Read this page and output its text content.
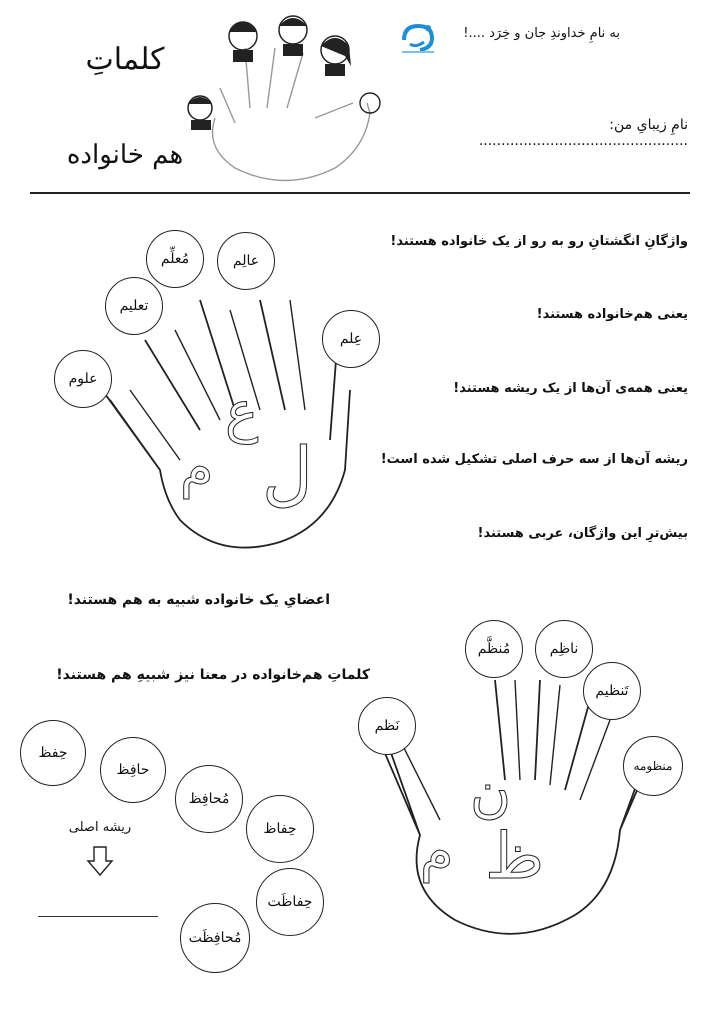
به نامِ خداوندِ جان و خِرَد ....!
کلماتِ
هم خانواده
نامِ زیبایِ من: ...............................................
واژگانِ انگشتانِ رو به رو از یک خانواده هستند!
یعنی هم‌خانواده هستند!
یعنی همه‌ی آن‌ها از یک ریشه هستند!
ریشه آن‌ها از سه حرف اصلی تشکیل شده است!
بیش‌ترِ این واژگان، عربی هستند!
علوم
تعلیم
مُعلِّم	عالِم
عِلم
ع
ل
م
اعضایِ یک خانواده شبیه به هم هستند!
کلماتِ هم‌خانواده در معنا نیز شبیهِ هم هستند!
حِفظ
حافِظ
مُحافِظ
حِفاظ
حِفاظَت
مُحافِظَت
ریشه اصلی
نَظم
مُنظَّم	ناظِم
تَنظیم
منظومه
ن
ظ
م
